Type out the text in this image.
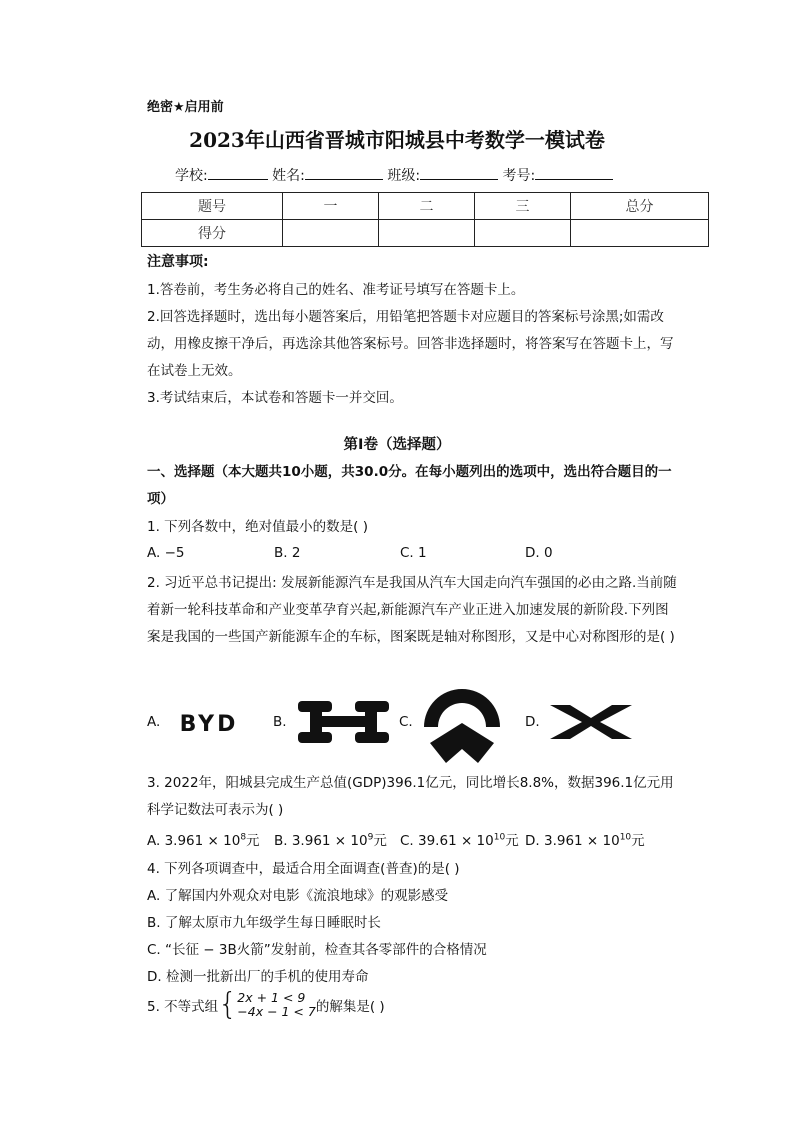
绝密★启用前
2023年山西省晋城市阳城县中考数学一模试卷
学校:	姓名:	班级:	考号:
题号	一	二	三	总分
得分				
注意事项:
1.答卷前，考生务必将自己的姓名、准考证号填写在答题卡上。
2.回答选择题时，选出每小题答案后，用铅笔把答题卡对应题目的答案标号涂黑;如需改动，用橡皮擦干净后，再选涂其他答案标号。回答非选择题时，将答案写在答题卡上，写在试卷上无效。
3.考试结束后，本试卷和答题卡一并交回。
第I卷（选择题）
一、选择题（本大题共10小题，共30.0分。在每小题列出的选项中，选出符合题目的一项）
1. 下列各数中，绝对值最小的数是( )
A. −5	B. 2	C. 1	D. 0
2. 习近平总书记提出: 发展新能源汽车是我国从汽车大国走向汽车强国的必由之路.当前随着新一轮科技革命和产业变革孕育兴起,新能源汽车产业正进入加速发展的新阶段.下列图案是我国的一些国产新能源车企的车标，图案既是轴对称图形，又是中心对称图形的是( )
A. BYD	B.	C.	D.
3. 2022年，阳城县完成生产总值(GDP)396.1亿元，同比增长8.8%，数据396.1亿元用科学记数法可表示为( )
A. $3.961 \times 10^8$元 B. $3.961 \times 10^9$元 C. $39.61 \times 10^{10}$元 D. $3.961 \times 10^{10}$元
4. 下列各项调查中，最适合用全面调查(普查)的是( )
A. 了解国内外观众对电影《流浪地球》的观影感受
B. 了解太原市九年级学生每日睡眠时长
C. “长征 − 3B火箭”发射前，检查其各零部件的合格情况
D. 检测一批新出厂的手机的使用寿命
5. 不等式组{2x + 1 < 9
−4x − 1 < 7的解集是( )
